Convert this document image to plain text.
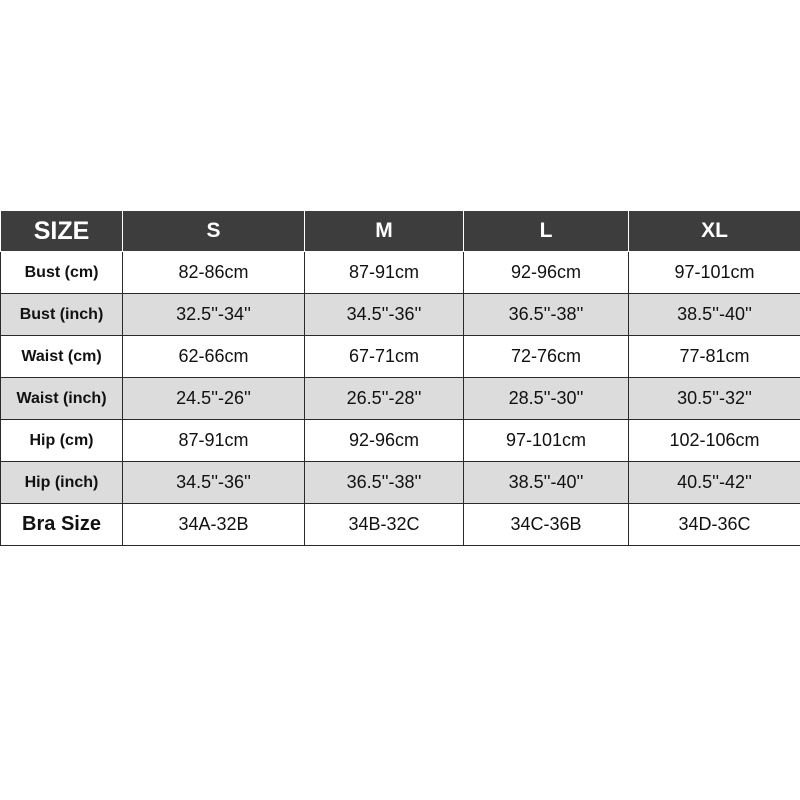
SIZE	S	M	L	XL
Bust (cm)	82-86cm	87-91cm	92-96cm	97-101cm
Bust (inch)	32.5''-34''	34.5''-36''	36.5''-38''	38.5''-40''
Waist (cm)	62-66cm	67-71cm	72-76cm	77-81cm
Waist (inch)	24.5''-26''	26.5''-28''	28.5''-30''	30.5''-32''
Hip (cm)	87-91cm	92-96cm	97-101cm	102-106cm
Hip (inch)	34.5''-36''	36.5''-38''	38.5''-40''	40.5''-42''
Bra Size	34A-32B	34B-32C	34C-36B	34D-36C
